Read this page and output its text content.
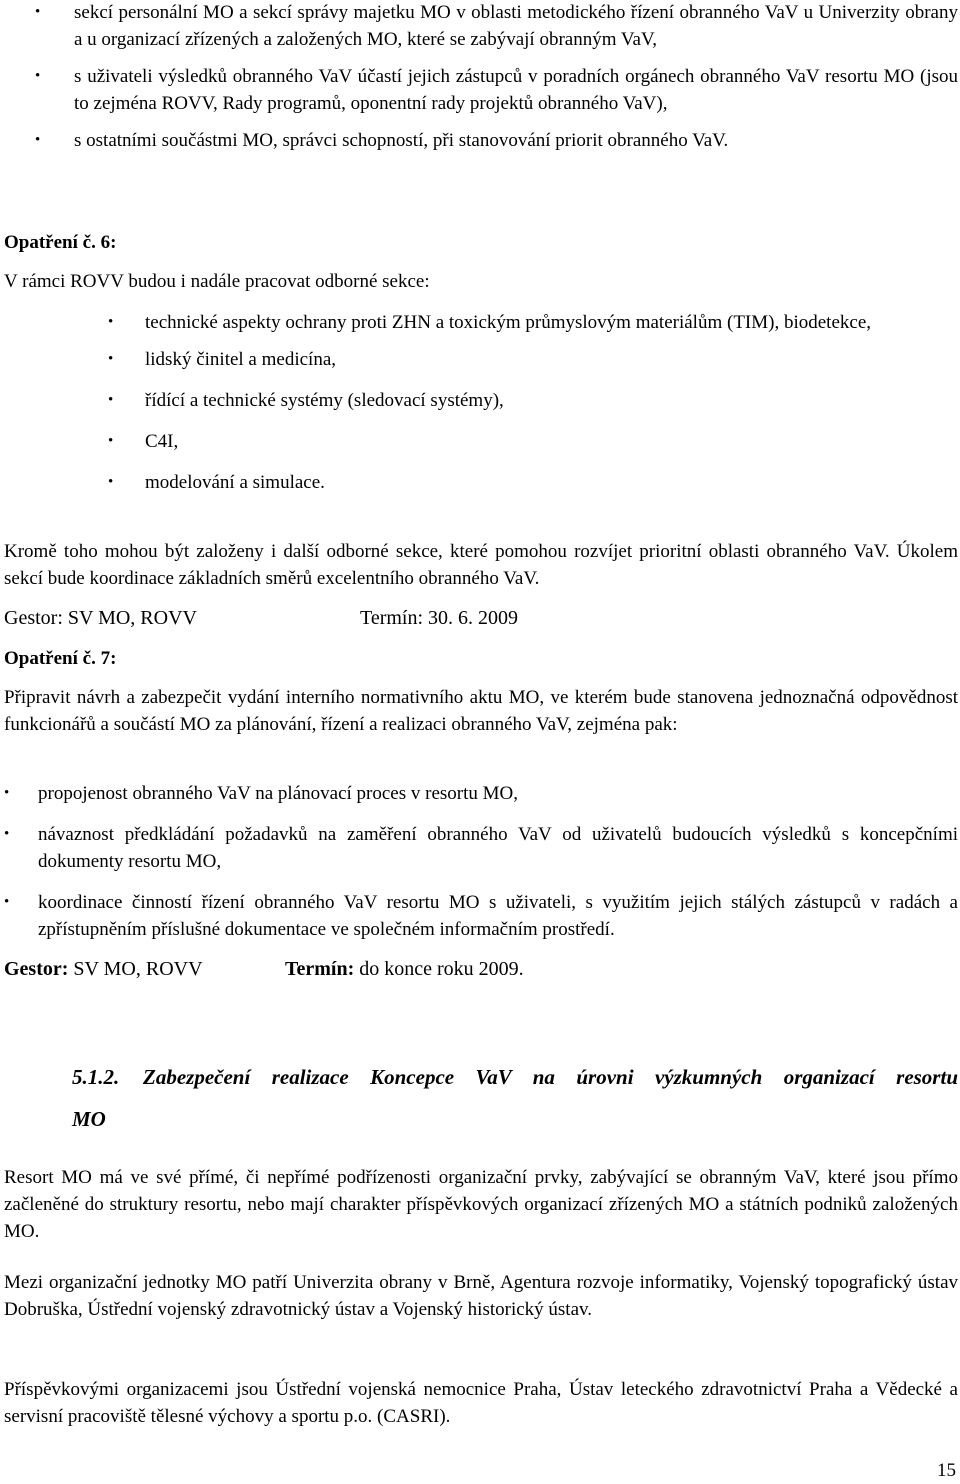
• sekcí personální MO a sekcí správy majetku MO v oblasti metodického řízení obranného VaV u Univerzity obrany a u organizací zřízených a založených MO, které se zabývají obranným VaV,
• s uživateli výsledků obranného VaV účastí jejich zástupců v poradních orgánech obranného VaV resortu MO (jsou to zejména ROVV, Rady programů, oponentní rady projektů obranného VaV),
• s ostatními součástmi MO, správci schopností, při stanovování priorit obranného VaV.
Opatření č. 6:

V rámci ROVV budou i nadále pracovat odborné sekce:

• technické aspekty ochrany proti ZHN a toxickým průmyslovým materiálům (TIM), biodetekce,
• lidský činitel a medicína,
• řídící a technické systémy (sledovací systémy),
• C4I,
• modelování a simulace.

Kromě toho mohou být založeny i další odborné sekce, které pomohou rozvíjet prioritní oblasti obranného VaV. Úkolem sekcí bude koordinace základních směrů excelentního obranného VaV.

Gestor: SV MO, ROVV	Termín: 30. 6. 2009
Opatření č. 7:

Připravit návrh a zabezpečit vydání interního normativního aktu MO, ve kterém bude stanovena jednoznačná odpovědnost funkcionářů a součástí MO za plánování, řízení a realizaci obranného VaV, zejména pak:

• propojenost obranného VaV na plánovací proces v resortu MO,
• návaznost předkládání požadavků na zaměření obranného VaV od uživatelů budoucích výsledků s koncepčními dokumenty resortu MO,
• koordinace činností řízení obranného VaV resortu MO s uživateli, s využitím jejich stálých zástupců v radách a zpřístupněním příslušné dokumentace ve společném informačním prostředí.
Gestor: SV MO, ROVV	Termín: do konce roku 2009.
5.1.2. Zabezpečení realizace Koncepce VaV na úrovni výzkumných organizací resortu
MO

Resort MO má ve své přímé, či nepřímé podřízenosti organizační prvky, zabývající se obranným VaV, které jsou přímo začleněné do struktury resortu, nebo mají charakter příspěvkových organizací zřízených MO a státních podniků založených MO.

Mezi organizační jednotky MO patří Univerzita obrany v Brně, Agentura rozvoje informatiky, Vojenský topografický ústav Dobruška, Ústřední vojenský zdravotnický ústav a Vojenský historický ústav.

Příspěvkovými organizacemi jsou Ústřední vojenská nemocnice Praha, Ústav leteckého zdravotnictví Praha a Vědecké a servisní pracoviště tělesné výchovy a sportu p.o. (CASRI).

15
